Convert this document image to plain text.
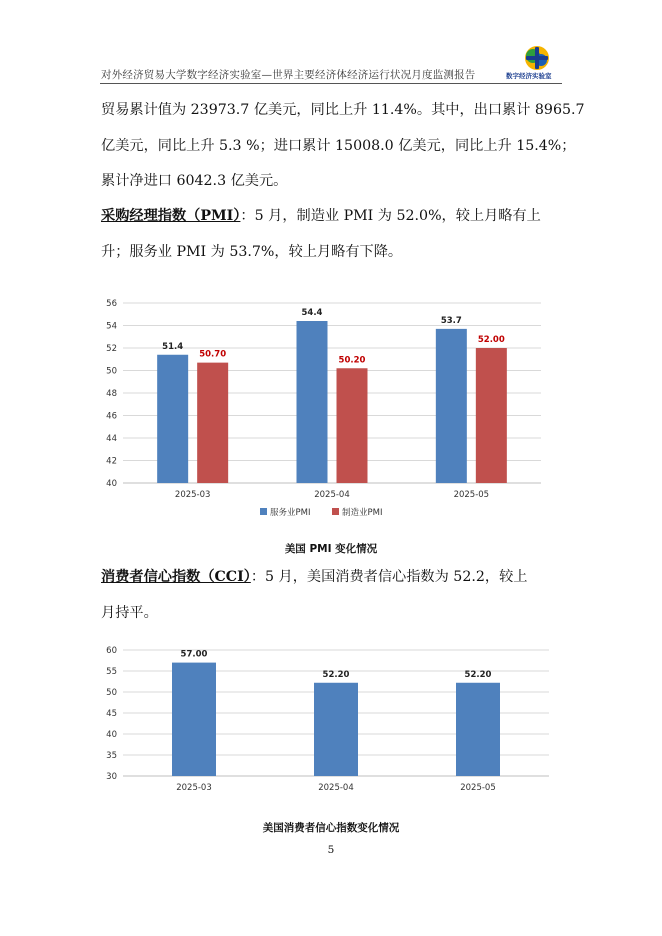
对外经济贸易大学数字经济实验室—世界主要经济体经济运行状况月度监测报告	数字经济实验室
贸易累计值为 23973.7 亿美元，同比上升 11.4%。其中，出口累计 8965.7
亿美元，同比上升 5.3 %；进口累计 15008.0 亿美元，同比上升 15.4%；
累计净进口 6042.3 亿美元。
采购经理指数（PMI）：5 月，制造业 PMI 为 52.0%，较上月略有上
升；服务业 PMI 为 53.7%，较上月略有下降。
40
42
44
46
48
50
52
54
56
51.4
50.70
2025-03
54.4
50.20
2025-04
53.7
52.00
2025-05
服务业PMI	制造业PMI
美国 PMI 变化情况
消费者信心指数（CCI）：5 月，美国消费者信心指数为 52.2，较上
月持平。
30
35
40
45
50
55
60	57.00
2025-03
52.20
2025-04
52.20
2025-05
美国消费者信心指数变化情况
5
